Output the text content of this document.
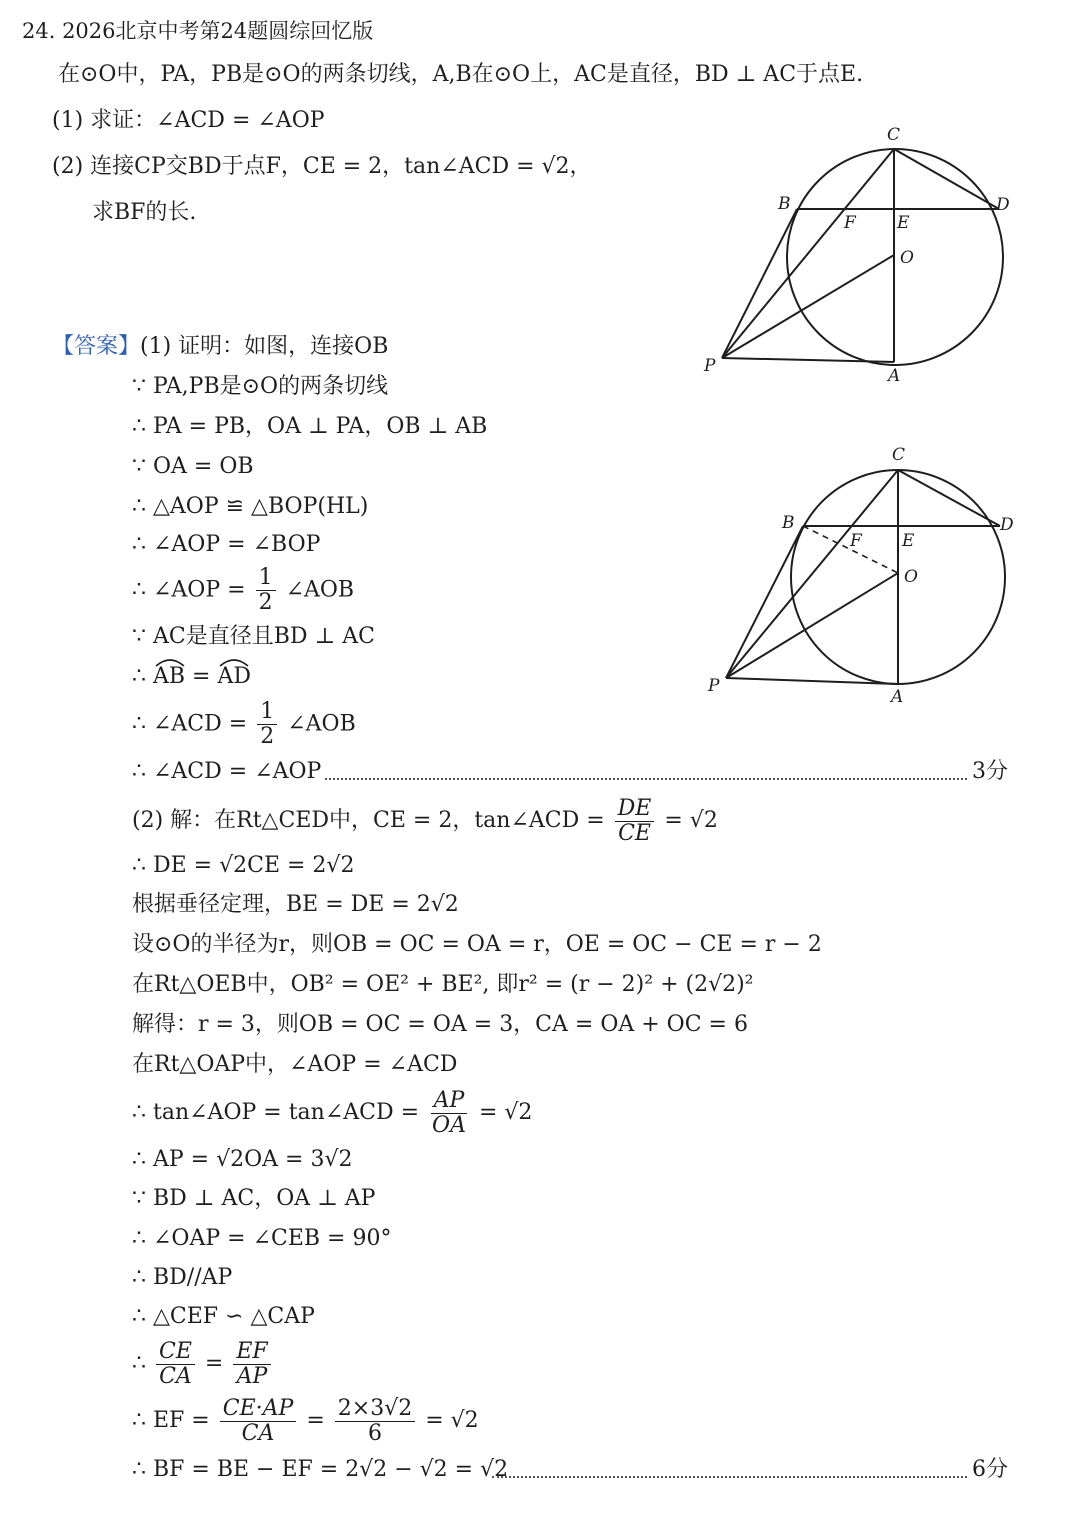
24. 2026北京中考第24题圆综回忆版
在⊙O中，PA，PB是⊙O的两条切线，A,B在⊙O上，AC是直径，BD ⊥ AC于点E.
(1) 求证：∠ACD = ∠AOP
(2) 连接CP交BD于点F，CE = 2，tan∠ACD = √2，
求BF的长.
C
B	D
F E
O
P	A
【答案】(1) 证明：如图，连接OB
∵ PA,PB是⊙O的两条切线
∴ PA = PB，OA ⊥ PA，OB ⊥ AB
∵ OA = OB
∴ △AOP ≌ △BOP(HL)
∴ ∠AOP = ∠BOP
∴ ∠AOP = $\frac{1}{2}$ ∠AOB
∵ AC是直径且BD ⊥ AC
∴
AB =
AD
∴ ∠ACD = $\frac{1}{2}$ ∠AOB
∴ ∠ACD = ∠AOP	3分
C
B	D
F E
O
P
A
(2) 解：在Rt△CED中，CE = 2，tan∠ACD = $\frac{DE}{CE} = √2$
∴ DE = √2CE = 2√2
根据垂径定理，BE = DE = 2√2
设⊙O的半径为r，则OB = OC = OA = r，OE = OC − CE = r − 2
在Rt△OEB中，OB² = OE² + BE², 即r² = (r − 2)² + (2√2)²
解得：r = 3，则OB = OC = OA = 3，CA = OA + OC = 6
在Rt△OAP中，∠AOP = ∠ACD
∴ tan∠AOP = tan∠ACD = $\frac{AP}{OA} = √2$
∴ AP = √2OA = 3√2
∵ BD ⊥ AC，OA ⊥ AP
∴ ∠OAP = ∠CEB = 90°
∴ BD//AP
∴ △CEF ∽ △CAP
∴ $\frac{CE}{CA} = \frac{EF}{AP}$
∴ EF = $\frac{CE\cdot AP}{CA} = \frac{2\times 3√2}{6} = √2$
∴ BF = BE − EF = 2√2 − √2 = √2	6分
